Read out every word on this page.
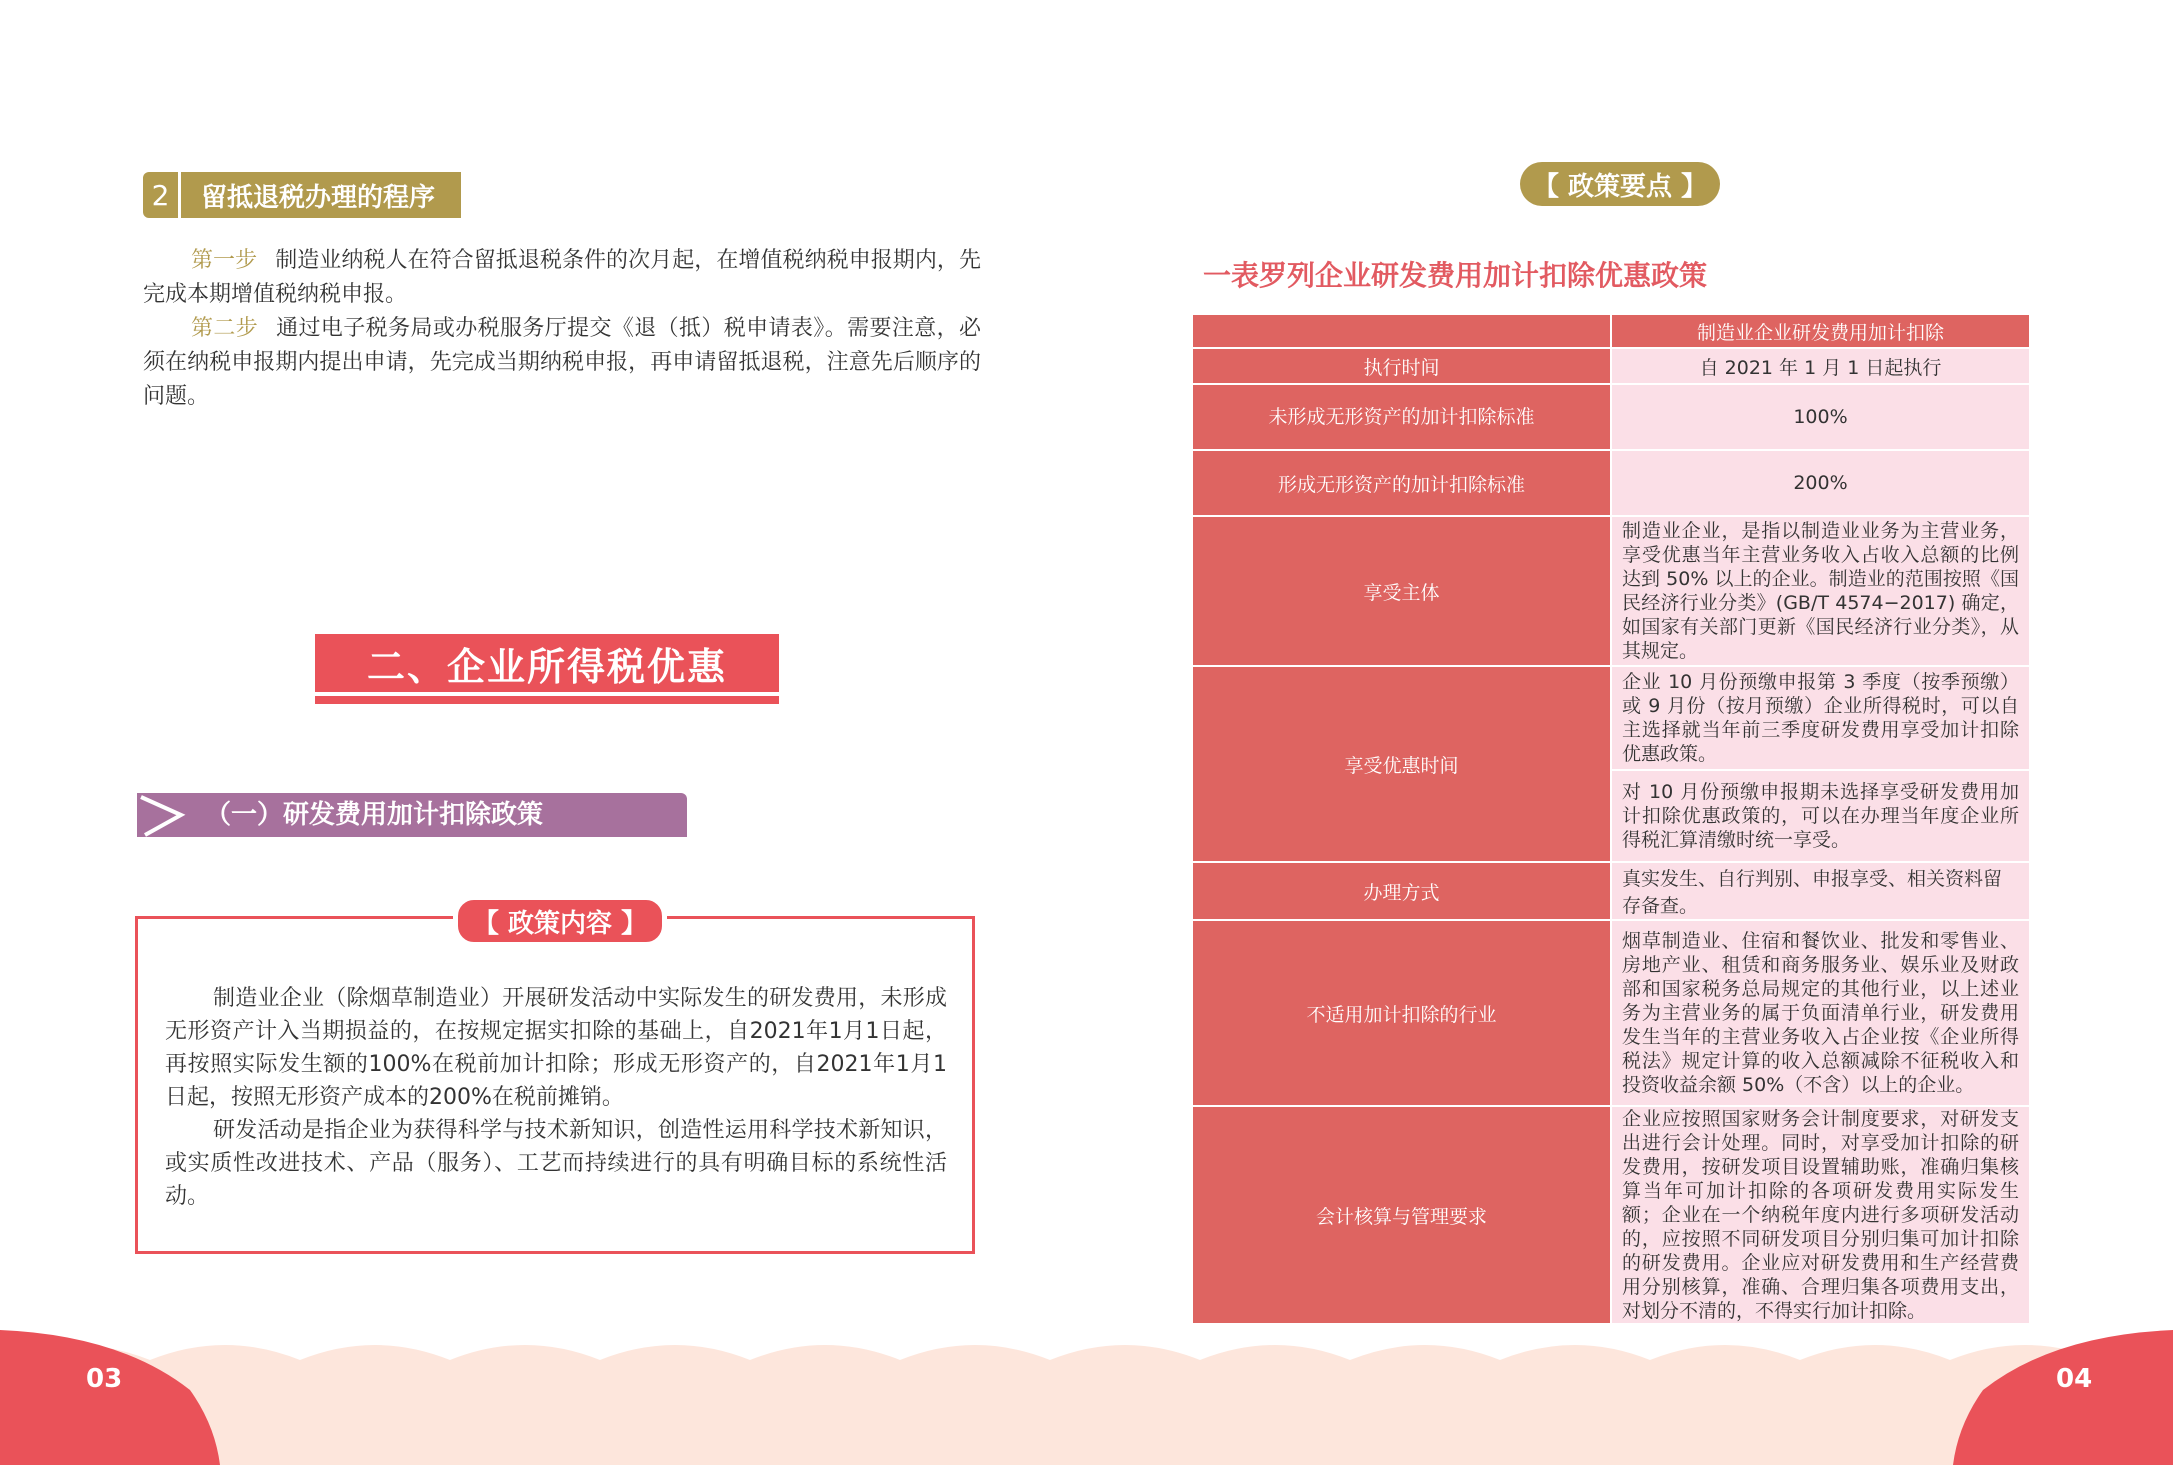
2	留抵退税办理的程序

第一步 制造业纳税人在符合留抵退税条件的次月起，在增值税纳税申报期内，先完成本期增值税纳税申报。

第二步 通过电子税务局或办税服务厅提交《退（抵）税申请表》。需要注意，必须在纳税申报期内提出申请，先完成当期纳税申报，再申请留抵退税，注意先后顺序的问题。

二、企业所得税优惠
（一）研发费用加计扣除政策
【 政策内容 】

制造业企业（除烟草制造业）开展研发活动中实际发生的研发费用，未形成无形资产计入当期损益的，在按规定据实扣除的基础上，自2021年1月1日起，再按照实际发生额的100%在税前加计扣除；形成无形资产的，自2021年1月1日起，按照无形资产成本的200%在税前摊销。

研发活动是指企业为获得科学与技术新知识，创造性运用科学技术新知识，或实质性改进技术、产品（服务）、工艺而持续进行的具有明确目标的系统性活动。

【 政策要点 】
一表罗列企业研发费用加计扣除优惠政策
	制造业企业研发费用加计扣除
执行时间	自 2021 年 1 月 1 日起执行
未形成无形资产的加计扣除标准	100%
形成无形资产的加计扣除标准	200%
享受主体	制造业企业，是指以制造业业务为主营业务，享受优惠当年主营业务收入占收入总额的比例达到 50% 以上的企业。制造业的范围按照《国民经济行业分类》(GB/T 4574−2017) 确定，如国家有关部门更新《国民经济行业分类》，从其规定。
享受优惠时间	企业 10 月份预缴申报第 3 季度（按季预缴）或 9 月份（按月预缴）企业所得税时，可以自主选择就当年前三季度研发费用享受加计扣除优惠政策。
	对 10 月份预缴申报期未选择享受研发费用加计扣除优惠政策的，可以在办理当年度企业所得税汇算清缴时统一享受。
办理方式	真实发生、自行判别、申报享受、相关资料留存备查。
不适用加计扣除的行业	烟草制造业、住宿和餐饮业、批发和零售业、房地产业、租赁和商务服务业、娱乐业及财政部和国家税务总局规定的其他行业，以上述业务为主营业务的属于负面清单行业，研发费用发生当年的主营业务收入占企业按《企业所得税法》规定计算的收入总额减除不征税收入和投资收益余额 50%（不含）以上的企业。
会计核算与管理要求	企业应按照国家财务会计制度要求，对研发支出进行会计处理。同时，对享受加计扣除的研发费用，按研发项目设置辅助账，准确归集核算当年可加计扣除的各项研发费用实际发生额；企业在一个纳税年度内进行多项研发活动的，应按照不同研发项目分别归集可加计扣除的研发费用。企业应对研发费用和生产经营费用分别核算，准确、合理归集各项费用支出，对划分不清的，不得实行加计扣除。
03	04
